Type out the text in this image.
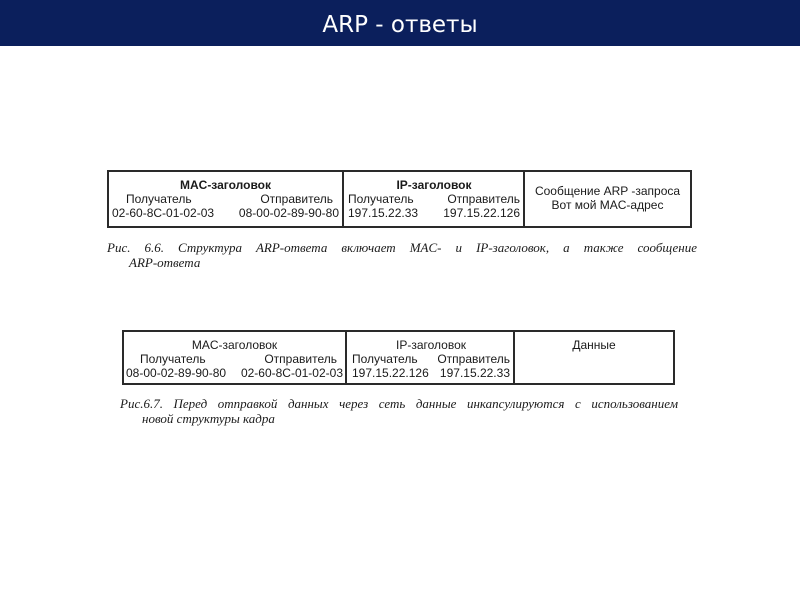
ARP - ответы
MAC-заголовок
Получатель	Отправитель
02-60-8C-01-02-03 08-00-02-89-90-80
IP-заголовок
Получатель	Отправитель
197.15.22.33 197.15.22.126
Сообщение ARP -запроса
Вот мой MAC-адрес
Рис. 6.6. Структура ARP-ответа включает MAC- и IP-заголовок, а также сообщение
ARP-ответа
MAC-заголовок
Получатель	Отправитель
08-00-02-89-90-80 02-60-8C-01-02-03
IP-заголовок
Получатель Отправитель
197.15.22.126 197.15.22.33
Данные
Рис.6.7. Перед отправкой данных через сеть данные инкапсулируются с использованием
новой структуры кадра
